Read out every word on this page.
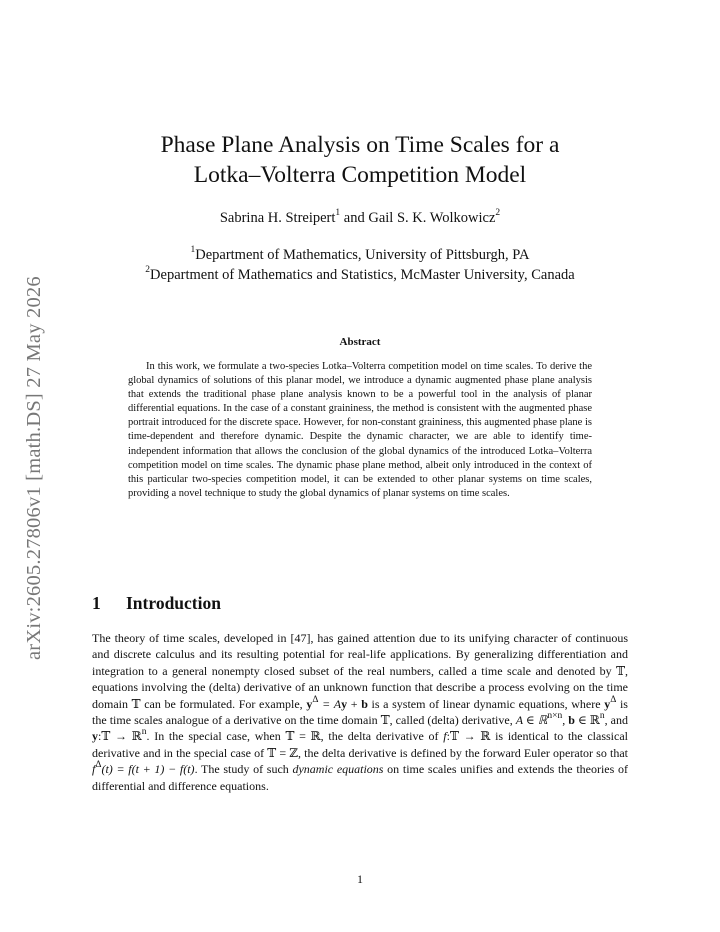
arXiv:2605.27806v1 [math.DS] 27 May 2026
Phase Plane Analysis on Time Scales for a
Lotka–Volterra Competition Model
Sabrina H. Streipert$^1$ and Gail S. K. Wolkowicz$^2$
$^1$Department of Mathematics, University of Pittsburgh, PA
$^2$Department of Mathematics and Statistics, McMaster University, Canada
Abstract

In this work, we formulate a two-species Lotka–Volterra competition model on time scales. To derive the global dynamics of solutions of this planar model, we introduce a dynamic augmented phase plane analysis that extends the traditional phase plane analysis known to be a powerful tool in the analysis of planar differential equations. In the case of a constant graininess, the method is consistent with the augmented phase portrait introduced for the discrete space. However, for non-constant graininess, this augmented phase plane is time-dependent and therefore dynamic. Despite the dynamic character, we are able to identify time-independent information that allows the conclusion of the global dynamics of the introduced Lotka–Volterra competition model on time scales. The dynamic phase plane method, albeit only introduced in the context of this particular two-species competition model, it can be extended to other planar systems on time scales, providing a novel technique to study the global dynamics of planar systems on time scales.

1 Introduction

The theory of time scales, developed in [47], has gained attention due to its unifying character of continuous and discrete calculus and its resulting potential for real-life applications. By generalizing differentiation and integration to a general nonempty closed subset of the real numbers, called a time scale and denoted by 𝕋, equations involving the (delta) derivative of an unknown function that describe a process evolving on the time domain 𝕋 can be formulated. For example, $y^\Delta = Ay + b$ is a system of linear dynamic equations, where $y^\Delta$ is the time scales analogue of a derivative on the time domain 𝕋, called (delta) derivative, A ∈ ℝ$^{n\times n}$, b ∈ ℝ$^n$, and y:𝕋 → ℝ$^n$. In the special case, when 𝕋 = ℝ, the delta derivative of f:𝕋 → ℝ is identical to the classical derivative and in the special case of 𝕋 = ℤ, the delta derivative is defined by the forward Euler operator so that $f^\Delta(t) = f(t + 1) - f(t)$. The study of such dynamic equations on time scales unifies and extends the theories of differential and difference equations.

1
